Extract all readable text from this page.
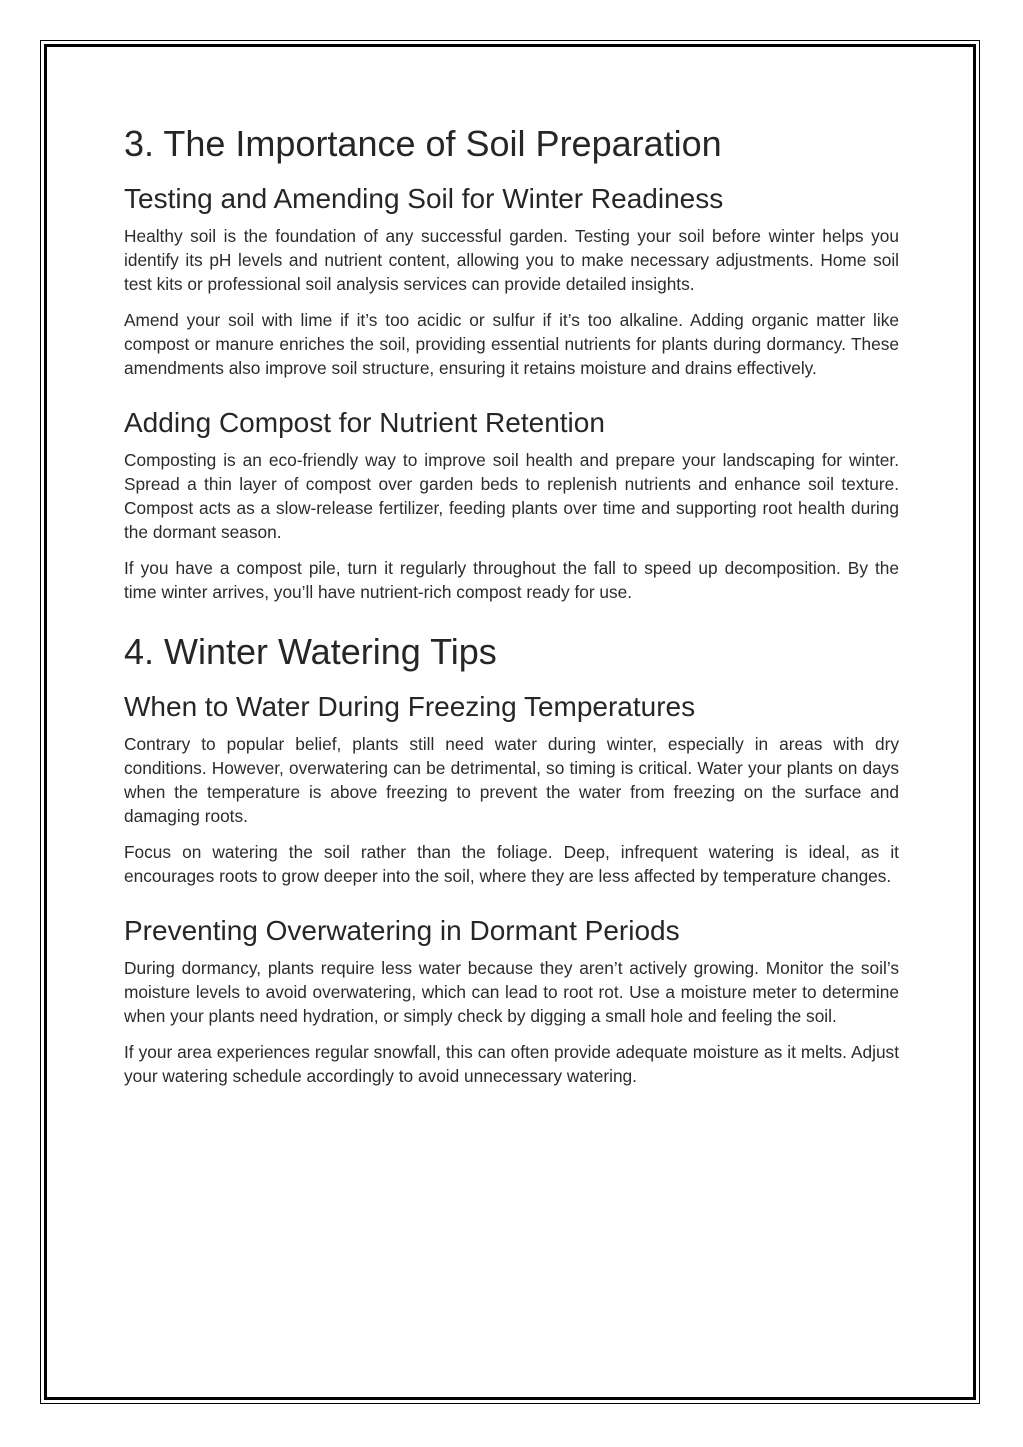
3. The Importance of Soil Preparation
Testing and Amending Soil for Winter Readiness

Healthy soil is the foundation of any successful garden. Testing your soil before winter helps you identify its pH levels and nutrient content, allowing you to make necessary adjustments. Home soil test kits or professional soil analysis services can provide detailed insights.

Amend your soil with lime if it’s too acidic or sulfur if it’s too alkaline. Adding organic matter like compost or manure enriches the soil, providing essential nutrients for plants during dormancy. These amendments also improve soil structure, ensuring it retains moisture and drains effectively.

Adding Compost for Nutrient Retention

Composting is an eco-friendly way to improve soil health and prepare your landscaping for winter. Spread a thin layer of compost over garden beds to replenish nutrients and enhance soil texture. Compost acts as a slow-release fertilizer, feeding plants over time and supporting root health during the dormant season.

If you have a compost pile, turn it regularly throughout the fall to speed up decomposition. By the time winter arrives, you’ll have nutrient-rich compost ready for use.

4. Winter Watering Tips
When to Water During Freezing Temperatures

Contrary to popular belief, plants still need water during winter, especially in areas with dry conditions. However, overwatering can be detrimental, so timing is critical. Water your plants on days when the temperature is above freezing to prevent the water from freezing on the surface and damaging roots.

Focus on watering the soil rather than the foliage. Deep, infrequent watering is ideal, as it encourages roots to grow deeper into the soil, where they are less affected by temperature changes.

Preventing Overwatering in Dormant Periods

During dormancy, plants require less water because they aren’t actively growing. Monitor the soil’s moisture levels to avoid overwatering, which can lead to root rot. Use a moisture meter to determine when your plants need hydration, or simply check by digging a small hole and feeling the soil.

If your area experiences regular snowfall, this can often provide adequate moisture as it melts. Adjust your watering schedule accordingly to avoid unnecessary watering.
